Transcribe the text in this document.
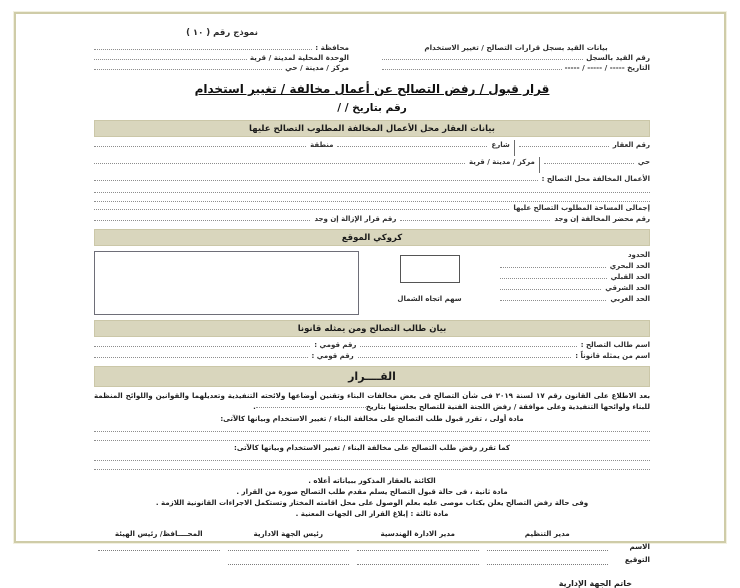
نموذج رقم ( ١٠ )
بيانات القيد بسجل قرارات التصالح / تغيير الاستخدام
رقم القيد بالسجل
التاريخ ----- / ----- / -----
محافظة :
الوحدة المحلية لمدينة / قرية
مركز / مدينة / حي
قرار قبول / رفض التصالح عن أعمال مخالفة / تغيير استخدام
رقم بتاريخ / /
بيانات العقار محل الأعمال المخالفة المطلوب التصالح عليها
رقم العقار
شارع
منطقة
حي
مركز / مدينة / قرية
الأعمال المخالفة محل التصالح :
إجمالى المساحة المطلوب التصالح عليها
رقم محضر المخالفة إن وجد
رقم قرار الإزالة إن وجد
كروكي الموقع
الحدود
الحد البحري
الحد القبلي
الحد الشرقي
الحد الغربي
سهم اتجاه الشمال
بيان طالب التصالح ومن يمثله قانونا
اسم طالب التصالح :
رقم قومي :
اسم من يمثله قانوناً :
رقم قومي :
القــــرار
بعد الاطلاع على القانون رقم ١٧ لسنة ٢٠١٩ فى شأن التصالح فى بعض مخالفات البناء وتقنين أوضاعها ولائحته التنفيذية وتعديلهما والقوانين واللوائح المنظمة للبناء ولوائحها التنفيذية وعلى موافقة / رفض اللجنة الفنية للتصالح بجلستها بتاريخ.
مادة أولى ، تقرر قبول طلب التصالح على مخالفة البناء / تغيير الاستخدام وبيانها كالآتى:
كما تقرر رفض طلب التصالح على مخالفة البناء / تغيير الاستخدام وبيانها كالآتى:
الكائنة بالعقار المذكور ببياناته أعلاه .
مادة ثانية ، فى حالة قبول التصالح يسلم مقدم طلب التصالح صورة من القرار .
وفى حالة رفض التصالح يعلن بكتاب موصى عليه بعلم الوصول على محل اقامته المختار وتستكمل الاجراءات القانونية اللازمة .
مادة ثالثة : إبلاغ القرار الى الجهات المعنية .
الاسم
التوقيع
مدير التنظيم
مدير الادارة الهندسية
رئيس الجهة الادارية
المحــــافظ/ رئيس الهيئة
خاتم الجهة الإدارية
